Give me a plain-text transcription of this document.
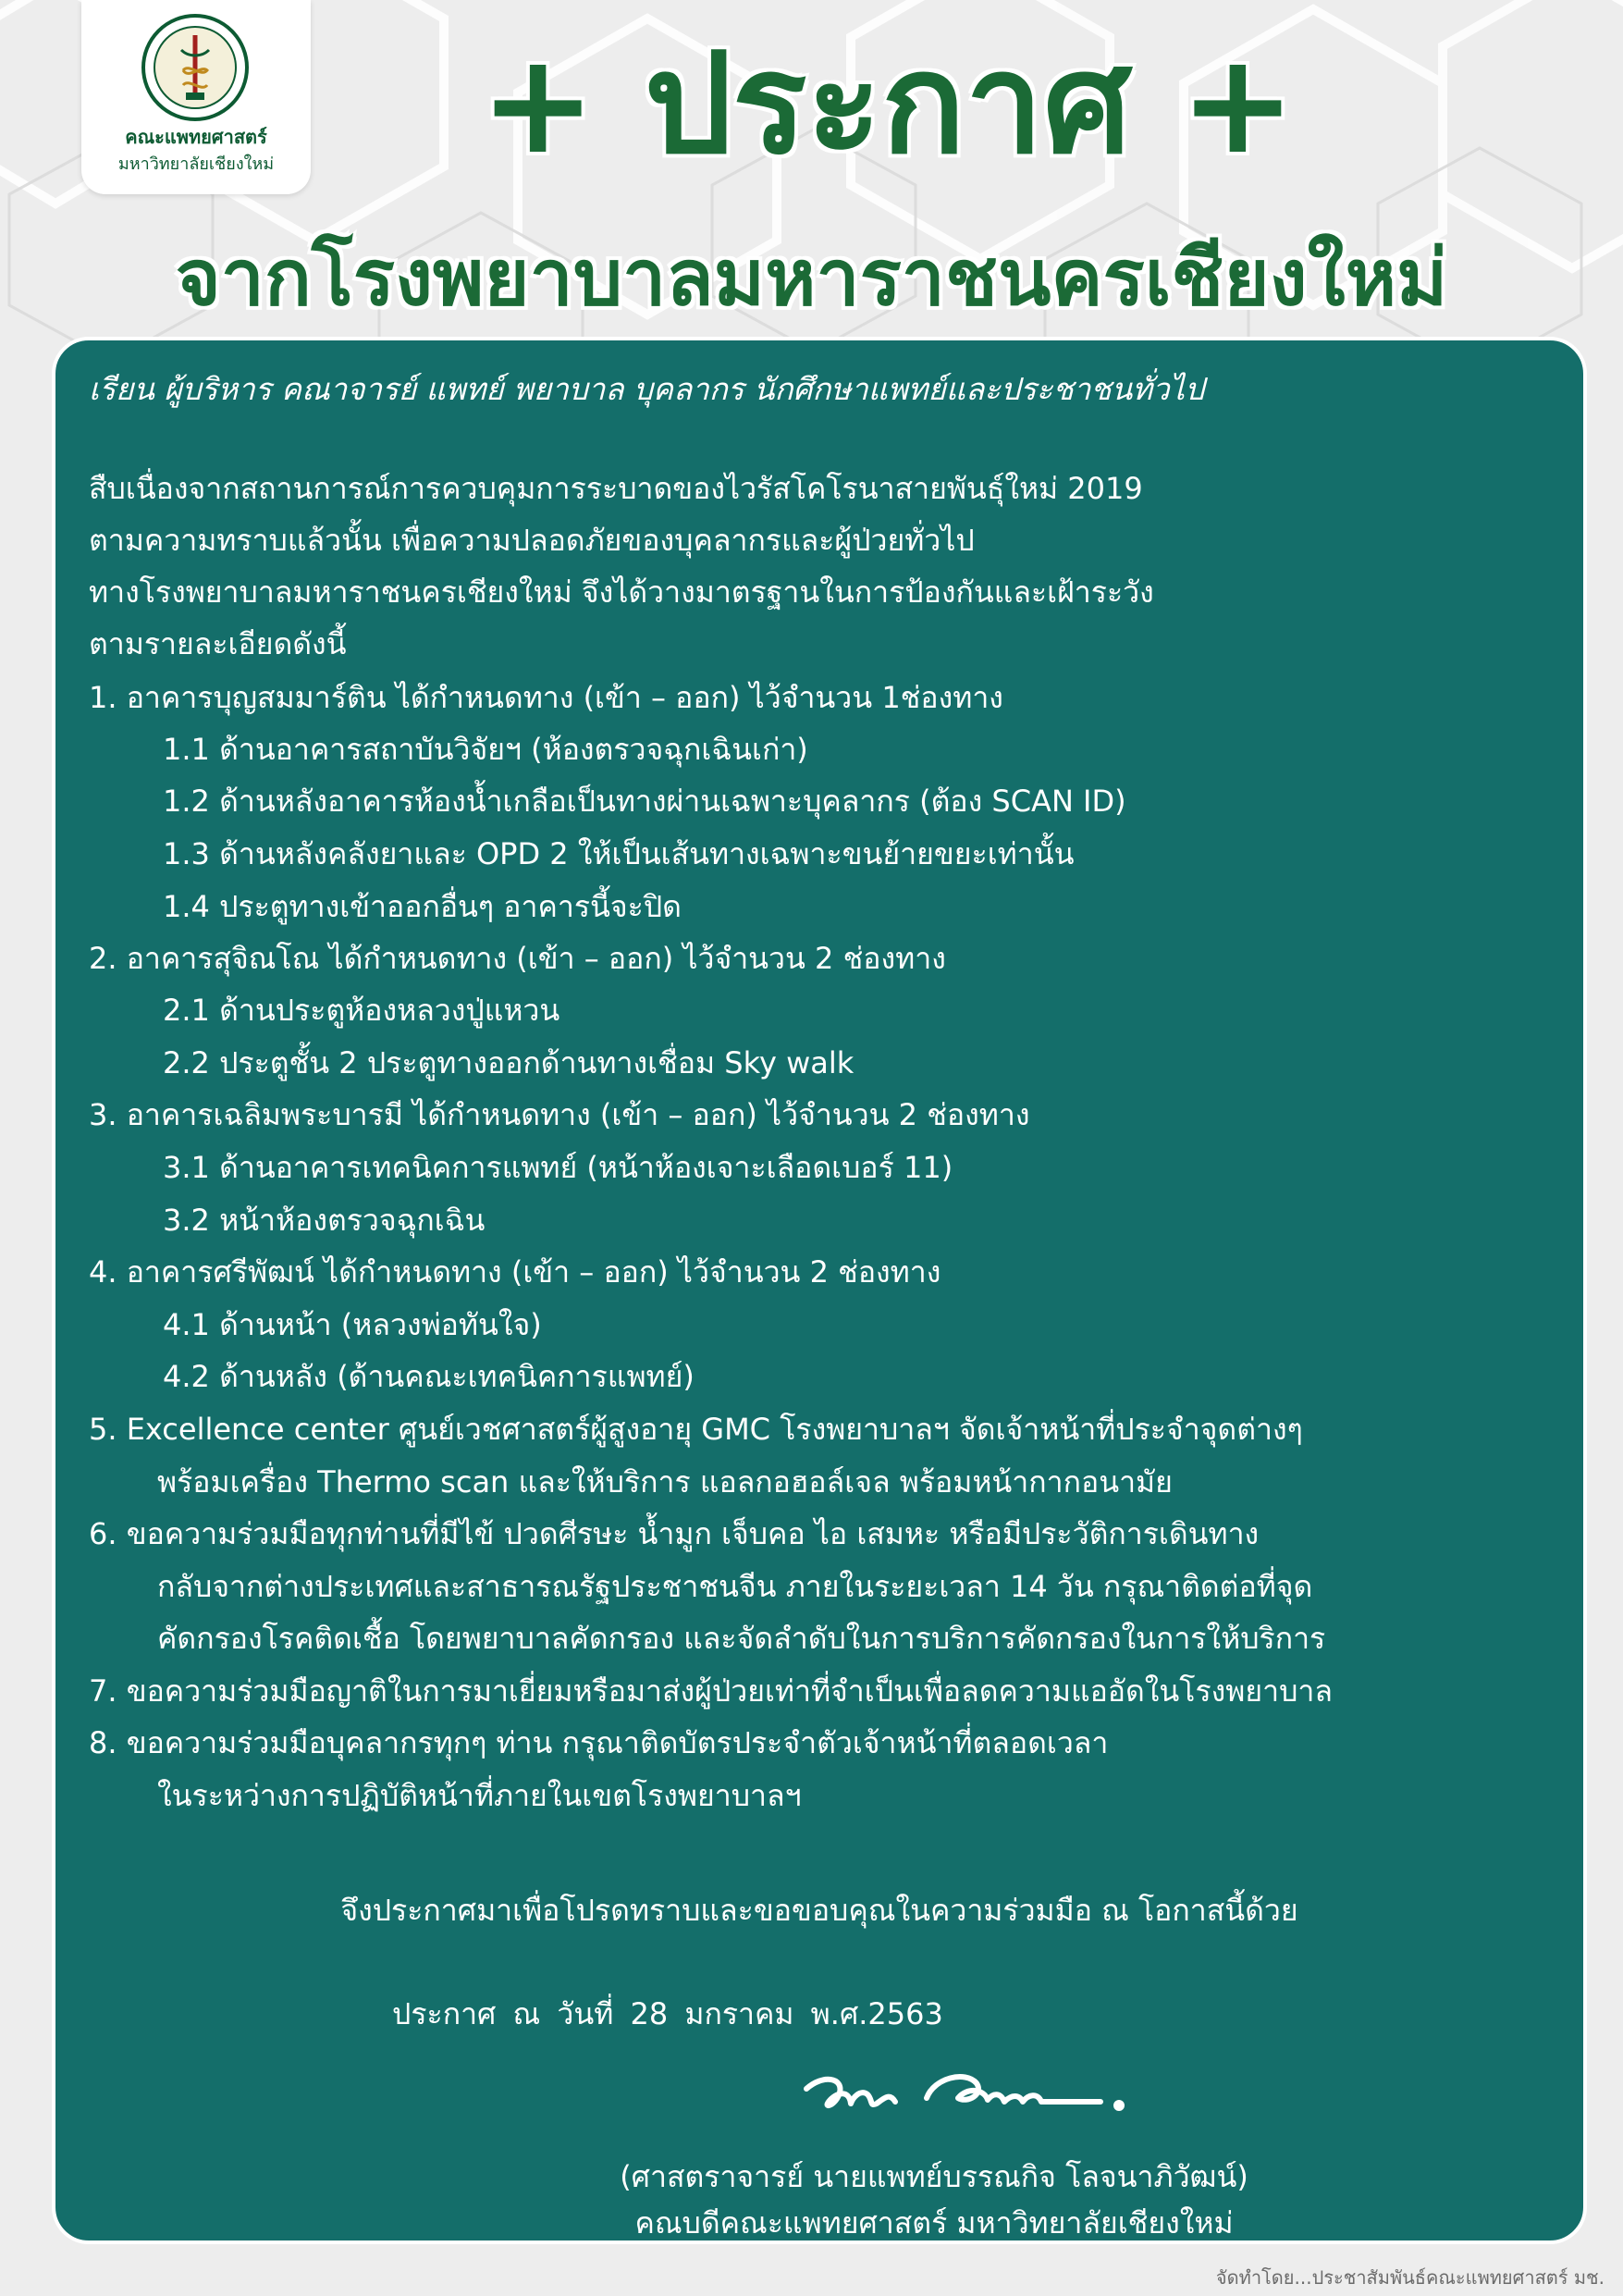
คณะแพทยศาสตร์
มหาวิทยาลัยเชียงใหม่	+ ประกาศ +
จากโรงพยาบาลมหาราชนครเชียงใหม่
เรียน ผู้บริหาร คณาจารย์ แพทย์ พยาบาล บุคลากร นักศึกษาแพทย์และประชาชนทั่วไป
สืบเนื่องจากสถานการณ์การควบคุมการระบาดของไวรัสโคโรนาสายพันธุ์ใหม่ 2019
ตามความทราบแล้วนั้น เพื่อความปลอดภัยของบุคลากรและผู้ป่วยทั่วไป
ทางโรงพยาบาลมหาราชนครเชียงใหม่ จึงได้วางมาตรฐานในการป้องกันและเฝ้าระวัง
ตามรายละเอียดดังนี้
1. อาคารบุญสมมาร์ติน ได้กำหนดทาง (เข้า – ออก) ไว้จำนวน 1ช่องทาง
1.1 ด้านอาคารสถาบันวิจัยฯ (ห้องตรวจฉุกเฉินเก่า)
1.2 ด้านหลังอาคารห้องน้ำเกลือเป็นทางผ่านเฉพาะบุคลากร (ต้อง SCAN ID)
1.3 ด้านหลังคลังยาและ OPD 2 ให้เป็นเส้นทางเฉพาะขนย้ายขยะเท่านั้น
1.4 ประตูทางเข้าออกอื่นๆ อาคารนี้จะปิด
2. อาคารสุจิณโณ ได้กำหนดทาง (เข้า – ออก) ไว้จำนวน 2 ช่องทาง
2.1 ด้านประตูห้องหลวงปู่แหวน
2.2 ประตูชั้น 2 ประตูทางออกด้านทางเชื่อม Sky walk
3. อาคารเฉลิมพระบารมี ได้กำหนดทาง (เข้า – ออก) ไว้จำนวน 2 ช่องทาง
3.1 ด้านอาคารเทคนิคการแพทย์ (หน้าห้องเจาะเลือดเบอร์ 11)
3.2 หน้าห้องตรวจฉุกเฉิน
4. อาคารศรีพัฒน์ ได้กำหนดทาง (เข้า – ออก) ไว้จำนวน 2 ช่องทาง
4.1 ด้านหน้า (หลวงพ่อทันใจ)
4.2 ด้านหลัง (ด้านคณะเทคนิคการแพทย์)
5. Excellence center ศูนย์เวชศาสตร์ผู้สูงอายุ GMC โรงพยาบาลฯ จัดเจ้าหน้าที่ประจำจุดต่างๆ
พร้อมเครื่อง Thermo scan และให้บริการ แอลกอฮอล์เจล พร้อมหน้ากากอนามัย
6. ขอความร่วมมือทุกท่านที่มีไข้ ปวดศีรษะ น้ำมูก เจ็บคอ ไอ เสมหะ หรือมีประวัติการเดินทาง
กลับจากต่างประเทศและสาธารณรัฐประชาชนจีน ภายในระยะเวลา 14 วัน กรุณาติดต่อที่จุด
คัดกรองโรคติดเชื้อ โดยพยาบาลคัดกรอง และจัดลำดับในการบริการคัดกรองในการให้บริการ
7. ขอความร่วมมือญาติในการมาเยี่ยมหรือมาส่งผู้ป่วยเท่าที่จำเป็นเพื่อลดความแออัดในโรงพยาบาล
8. ขอความร่วมมือบุคลากรทุกๆ ท่าน กรุณาติดบัตรประจำตัวเจ้าหน้าที่ตลอดเวลา
ในระหว่างการปฏิบัติหน้าที่ภายในเขตโรงพยาบาลฯ
จึงประกาศมาเพื่อโปรดทราบและขอขอบคุณในความร่วมมือ ณ โอกาสนี้ด้วย
ประกาศ ณ วันที่ 28 มกราคม พ.ศ.2563
(ศาสตราจารย์ นายแพทย์บรรณกิจ โลจนาภิวัฒน์)
คณบดีคณะแพทยศาสตร์ มหาวิทยาลัยเชียงใหม่
จัดทำโดย...ประชาสัมพันธ์คณะแพทยศาสตร์ มช.
